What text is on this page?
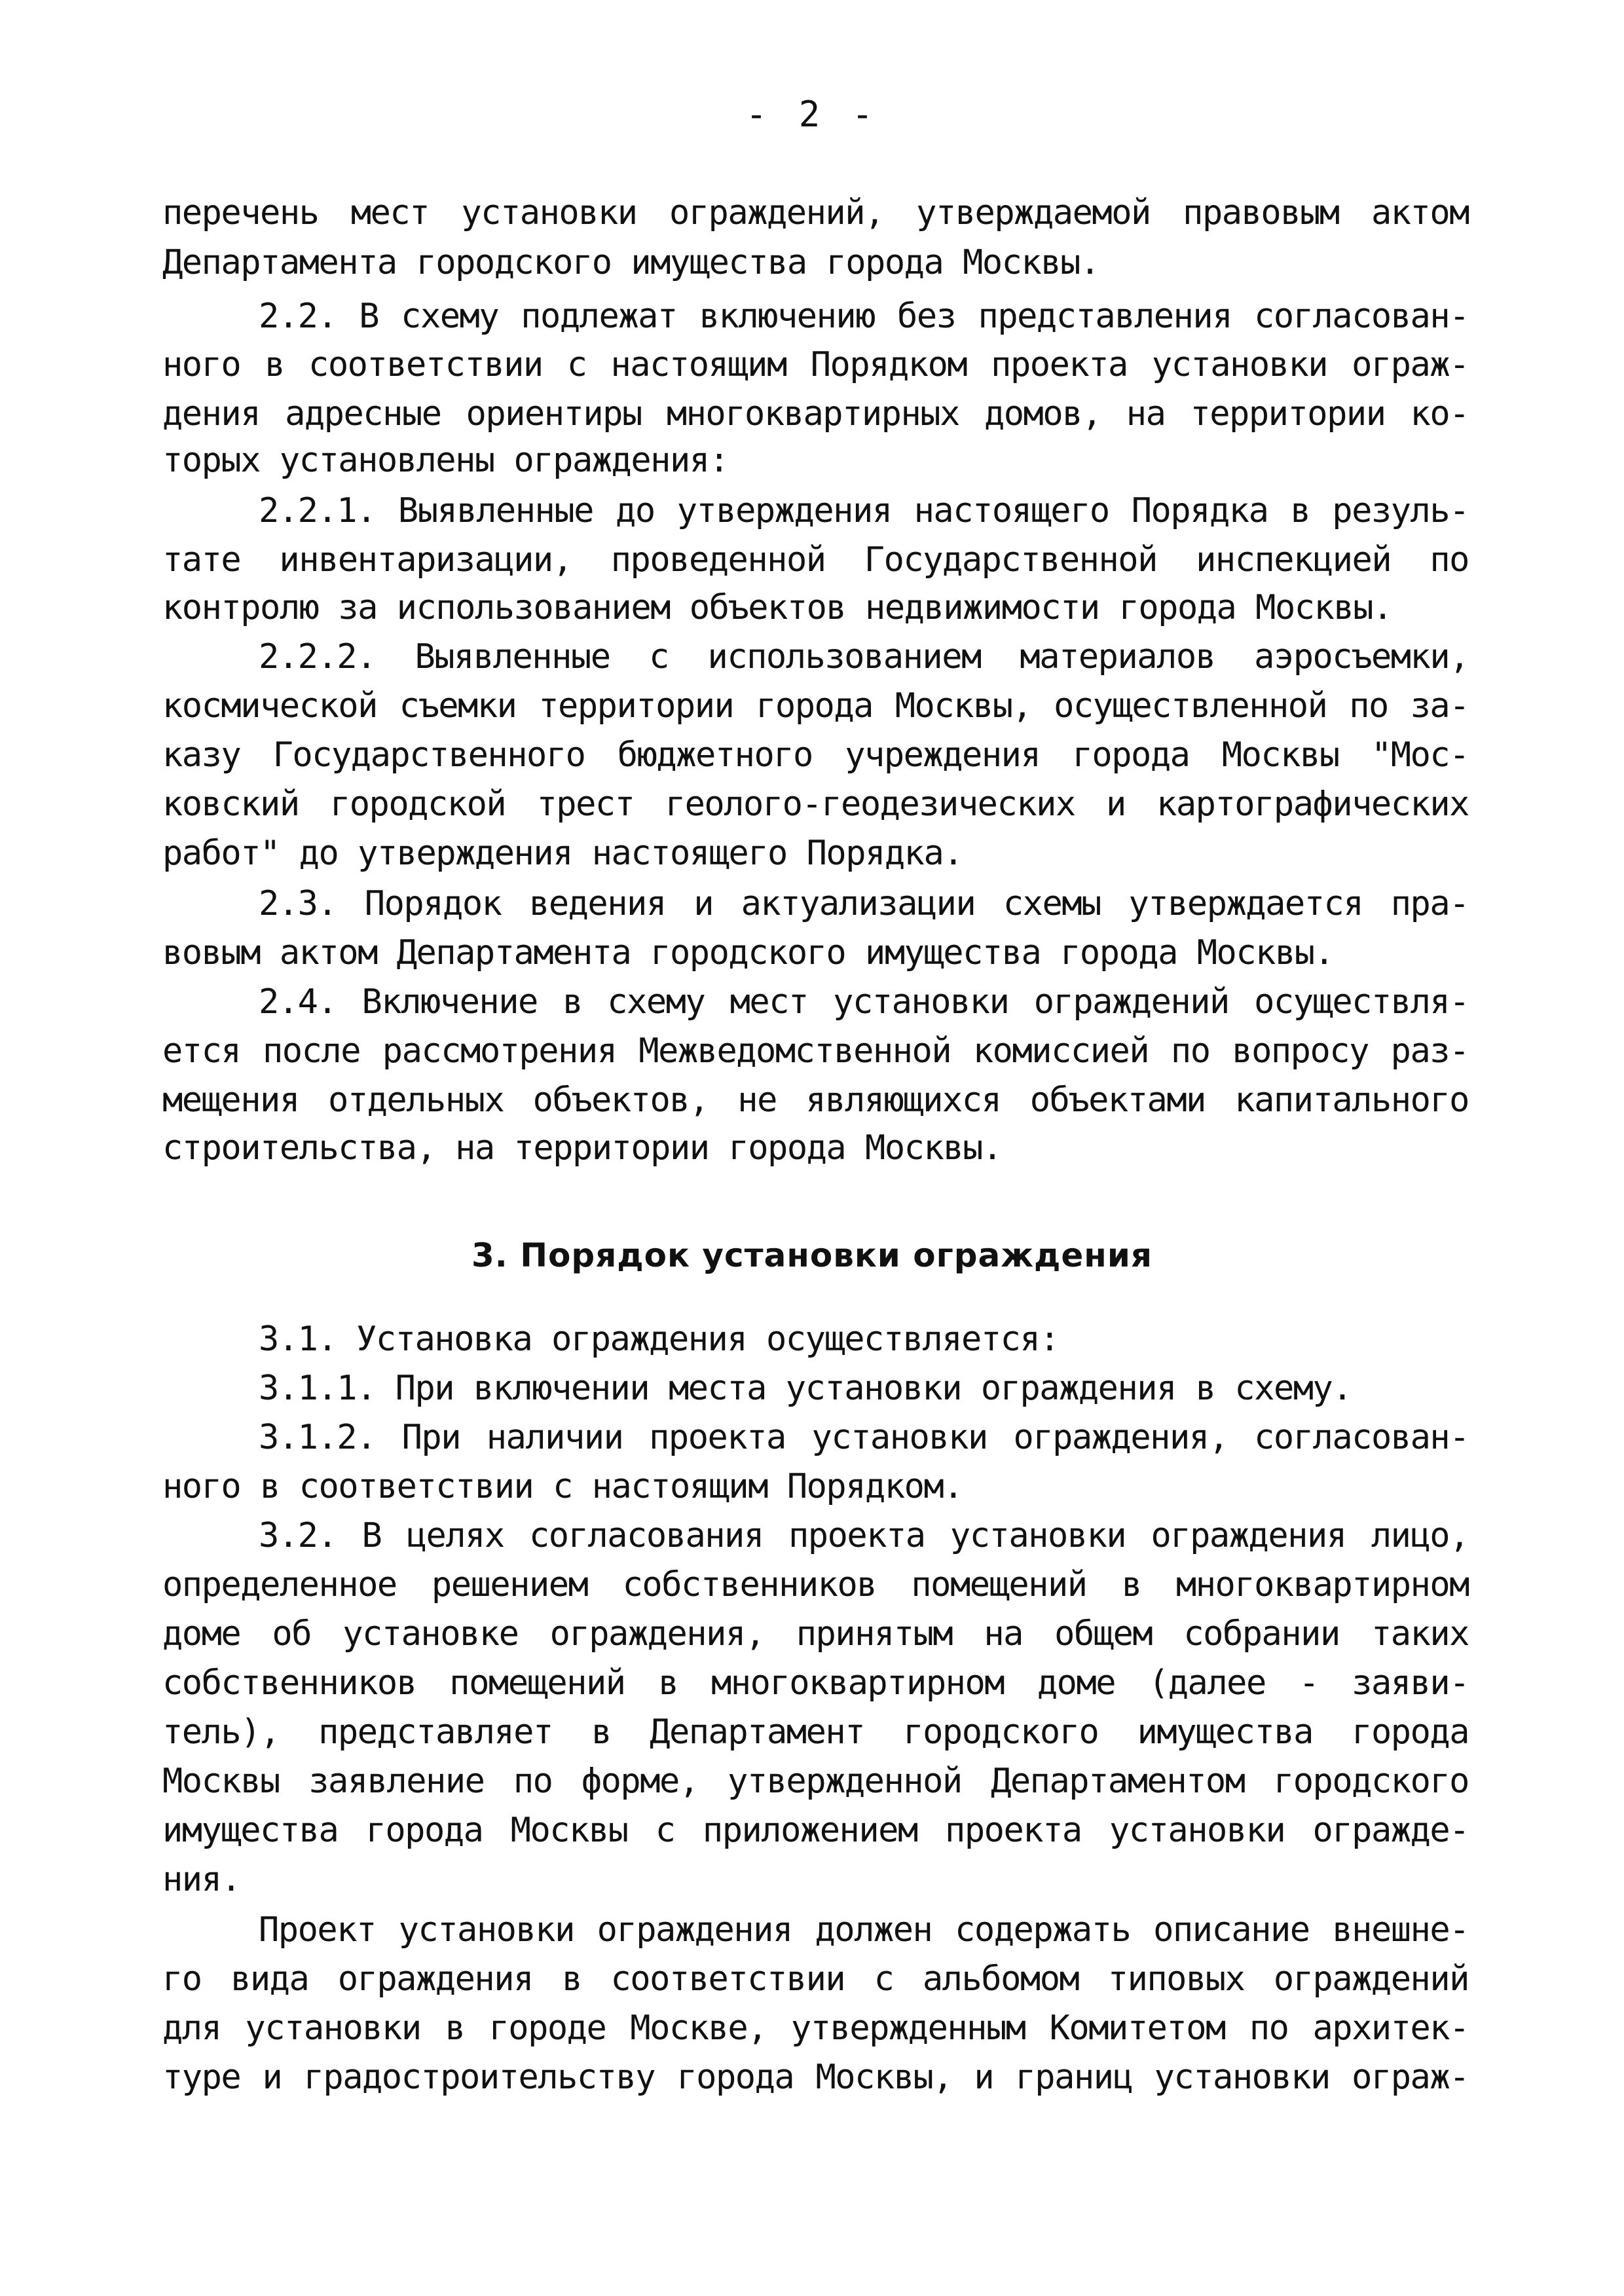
- 2 -
перечень мест установки ограждений, утверждаемой правовым актом
Департамента городского имущества города Москвы.
2.2. В схему подлежат включению без представления согласован-
ного в соответствии с настоящим Порядком проекта установки ограж-
дения адресные ориентиры многоквартирных домов, на территории ко-
торых установлены ограждения:
2.2.1. Выявленные до утверждения настоящего Порядка в резуль-
тате инвентаризации, проведенной Государственной инспекцией по
контролю за использованием объектов недвижимости города Москвы.
2.2.2. Выявленные с использованием материалов аэросъемки,
космической съемки территории города Москвы, осуществленной по за-
казу Государственного бюджетного учреждения города Москвы "Мос-
ковский городской трест геолого-геодезических и картографических
работ" до утверждения настоящего Порядка.
2.3. Порядок ведения и актуализации схемы утверждается пра-
вовым актом Департамента городского имущества города Москвы.
2.4. Включение в схему мест установки ограждений осуществля-
ется после рассмотрения Межведомственной комиссией по вопросу раз-
мещения отдельных объектов, не являющихся объектами капитального
строительства, на территории города Москвы.
3. Порядок установки ограждения
3.1. Установка ограждения осуществляется:
3.1.1. При включении места установки ограждения в схему.
3.1.2. При наличии проекта установки ограждения, согласован-
ного в соответствии с настоящим Порядком.
3.2. В целях согласования проекта установки ограждения лицо,
определенное решением собственников помещений в многоквартирном
доме об установке ограждения, принятым на общем собрании таких
собственников помещений в многоквартирном доме (далее - заяви-
тель), представляет в Департамент городского имущества города
Москвы заявление по форме, утвержденной Департаментом городского
имущества города Москвы с приложением проекта установки огражде-
ния.
Проект установки ограждения должен содержать описание внешне-
го вида ограждения в соответствии с альбомом типовых ограждений
для установки в городе Москве, утвержденным Комитетом по архитек-
туре и градостроительству города Москвы, и границ установки ограж-
